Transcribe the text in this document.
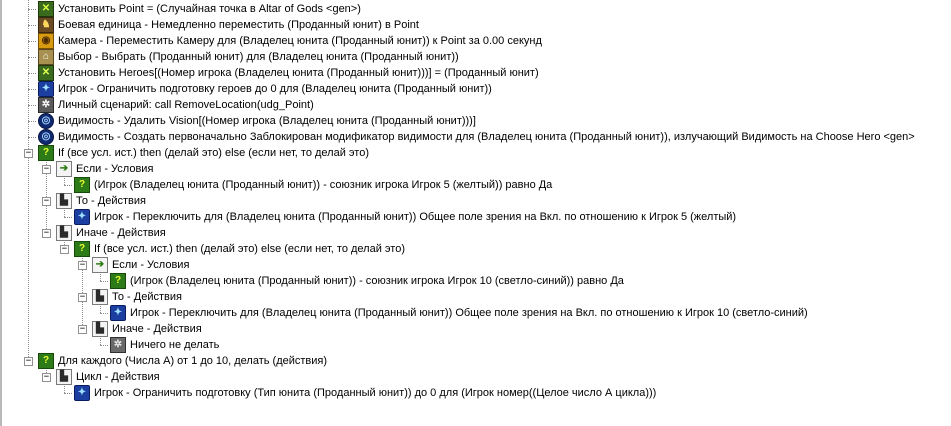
−
−
−
−
−
−
−
−
−
−
✕ Установить Point = (Случайная точка в Altar of Gods <gen>)
♞ Боевая единица - Немедленно переместить (Проданный юнит) в Point
◉ Камера - Переместить Камеру для (Владелец юнита (Проданный юнит)) к Point за 0.00 секунд
⌂ Выбор - Выбрать (Проданный юнит) для (Владелец юнита (Проданный юнит))
✕ Установить Heroes[(Номер игрока (Владелец юнита (Проданный юнит)))] = (Проданный юнит)
✦ Игрок - Ограничить подготовку героев до 0 для (Владелец юнита (Проданный юнит))
✲ Личный сценарий: call RemoveLocation(udg_Point)
◎ Видимость - Удалить Vision[(Номер игрока (Владелец юнита (Проданный юнит)))]
◎ Видимость - Создать первоначально Заблокирован модификатор видимости для (Владелец юнита (Проданный юнит)), излучающий Видимость на Choose Hero <gen>
? If (все усл. ист.) then (делай это) else (если нет, то делай это)
➔ Если - Условия
? (Игрок (Владелец юнита (Проданный юнит)) - союзник игрока Игрок 5 (желтый)) равно Да
▙ То - Действия
✦ Игрок - Переключить для (Владелец юнита (Проданный юнит)) Общее поле зрения на Вкл. по отношению к Игрок 5 (желтый)
▙ Иначе - Действия
? If (все усл. ист.) then (делай это) else (если нет, то делай это)
➔ Если - Условия
? (Игрок (Владелец юнита (Проданный юнит)) - союзник игрока Игрок 10 (светло-синий)) равно Да
▙ То - Действия
✦ Игрок - Переключить для (Владелец юнита (Проданный юнит)) Общее поле зрения на Вкл. по отношению к Игрок 10 (светло-синий)
▙ Иначе - Действия
✲ Ничего не делать
? Для каждого (Числа A) от 1 до 10, делать (действия)
▙ Цикл - Действия
✦ Игрок - Ограничить подготовку (Тип юнита (Проданный юнит)) до 0 для (Игрок номер((Целое число А цикла)))
